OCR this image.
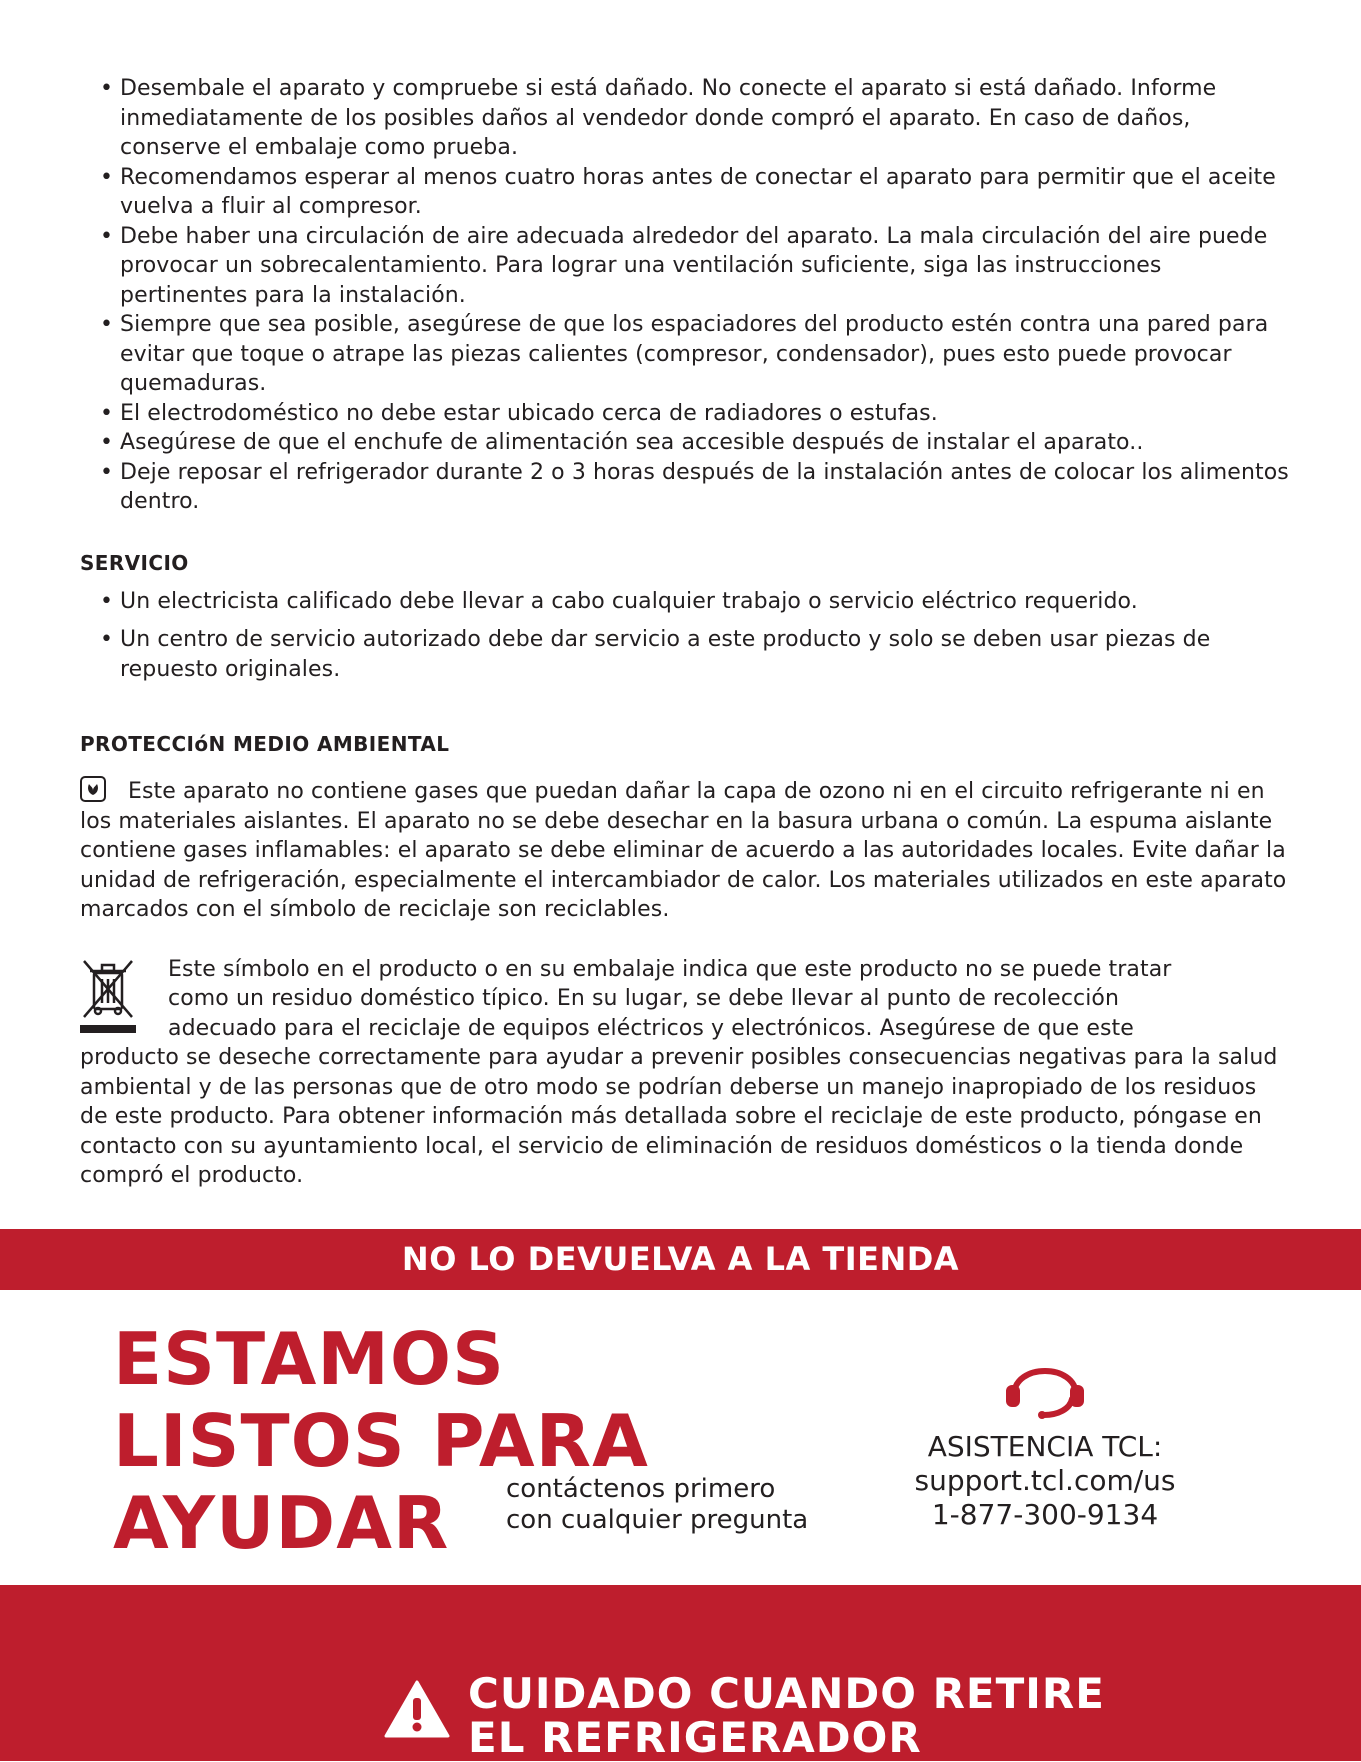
• Desembale el aparato y compruebe si está dañado. No conecte el aparato si está dañado. Informe inmediatamente de los posibles daños al vendedor donde compró el aparato. En caso de daños, conserve el embalaje como prueba.
• Recomendamos esperar al menos cuatro horas antes de conectar el aparato para permitir que el aceite vuelva a fluir al compresor.
• Debe haber una circulación de aire adecuada alrededor del aparato. La mala circulación del aire puede provocar un sobrecalentamiento. Para lograr una ventilación suficiente, siga las instrucciones pertinentes para la instalación.
• Siempre que sea posible, asegúrese de que los espaciadores del producto estén contra una pared para evitar que toque o atrape las piezas calientes (compresor, condensador), pues esto puede provocar quemaduras.
• El electrodoméstico no debe estar ubicado cerca de radiadores o estufas.
• Asegúrese de que el enchufe de alimentación sea accesible después de instalar el aparato..
• Deje reposar el refrigerador durante 2 o 3 horas después de la instalación antes de colocar los alimentos dentro.
SERVICIO
• Un electricista calificado debe llevar a cabo cualquier trabajo o servicio eléctrico requerido.
• Un centro de servicio autorizado debe dar servicio a este producto y solo se deben usar piezas de repuesto originales.
PROTECCIóN MEDIO AMBIENTAL

Este aparato no contiene gases que puedan dañar la capa de ozono ni en el circuito refrigerante ni en los materiales aislantes. El aparato no se debe desechar en la basura urbana o común. La espuma aislante contiene gases inflamables: el aparato se debe eliminar de acuerdo a las autoridades locales. Evite dañar la unidad de refrigeración, especialmente el intercambiador de calor. Los materiales utilizados en este aparato marcados con el símbolo de reciclaje son reciclables.

Este símbolo en el producto o en su embalaje indica que este producto no se puede tratar
como un residuo doméstico típico. En su lugar, se debe llevar al punto de recolección
adecuado para el reciclaje de equipos eléctricos y electrónicos. Asegúrese de que este
producto se deseche correctamente para ayudar a prevenir posibles consecuencias negativas para la salud ambiental y de las personas que de otro modo se podrían deberse un manejo inapropiado de los residuos de este producto. Para obtener información más detallada sobre el reciclaje de este producto, póngase en contacto con su ayuntamiento local, el servicio de eliminación de residuos domésticos o la tienda donde compró el producto.

NO LO DEVUELVA A LA TIENDA
ESTAMOS
LISTOS PARA
AYUDAR	contáctenos primero
con cualquier pregunta
ASISTENCIA TCL:
support.tcl.com/us
1-877-300-9134
CUIDADO CUANDO RETIRE
EL REFRIGERADOR
